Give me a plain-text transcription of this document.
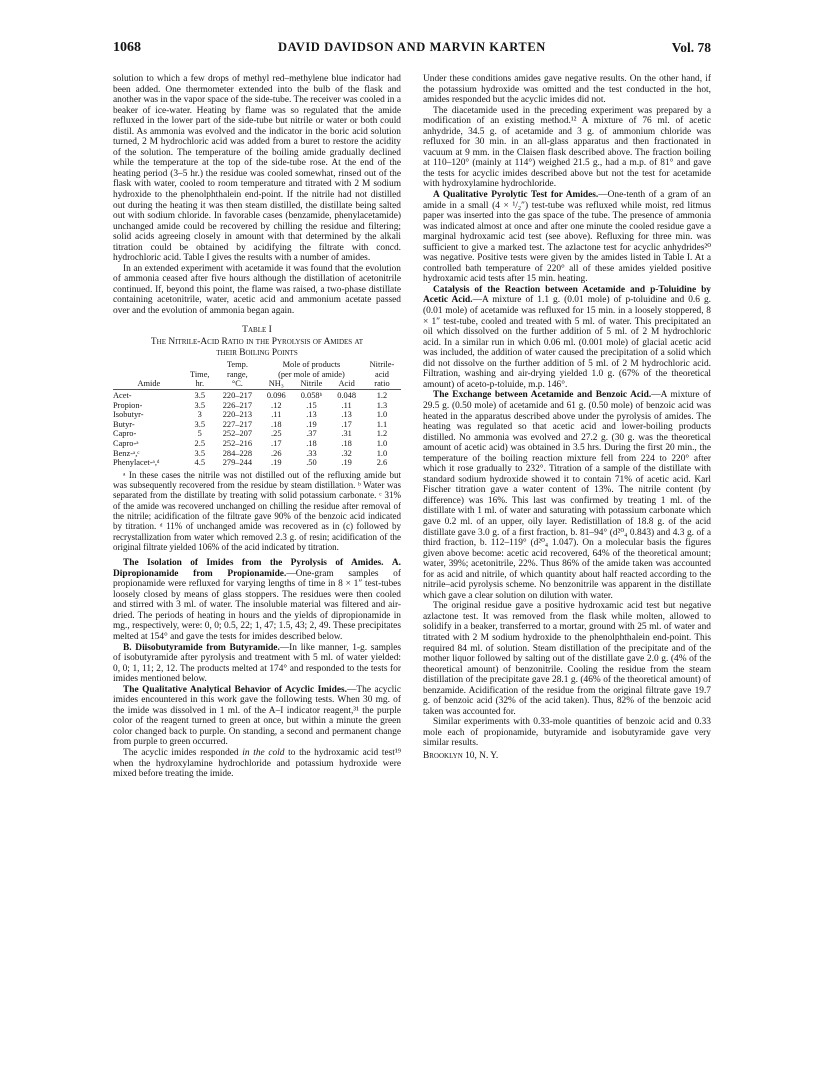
1068	DAVID DAVIDSON AND MARVIN KARTEN	Vol. 78

solution to which a few drops of methyl red–methylene blue indicator had been added. One thermometer extended into the bulb of the flask and another was in the vapor space of the side-tube. The receiver was cooled in a beaker of ice-water. Heating by flame was so regulated that the amide refluxed in the lower part of the side-tube but nitrile or water or both could distil. As ammonia was evolved and the indicator in the boric acid solution turned, 2 M hydrochloric acid was added from a buret to restore the acidity of the solution. The temperature of the boiling amide gradually declined while the temperature at the top of the side-tube rose. At the end of the heating period (3–5 hr.) the residue was cooled somewhat, rinsed out of the flask with water, cooled to room temperature and titrated with 2 M sodium hydroxide to the phenolphthalein end-point. If the nitrile had not distilled out during the heating it was then steam distilled, the distillate being salted out with sodium chloride. In favorable cases (benzamide, phenylacetamide) unchanged amide could be recovered by chilling the residue and filtering; solid acids agreeing closely in amount with that determined by the alkali titration could be obtained by acidifying the filtrate with concd. hydrochloric acid. Table I gives the results with a number of amides.

In an extended experiment with acetamide it was found that the evolution of ammonia ceased after five hours although the distillation of acetonitrile continued. If, beyond this point, the flame was raised, a two-phase distillate containing acetonitrile, water, acetic acid and ammonium acetate passed over and the evolution of ammonia began again.

Table I
The Nitrile-Acid Ratio in the Pyrolysis of Amides at
their Boiling Points
		Temp.	Mole of products			Nitrile-
	Time,	range,	(per mole of amide)			acid
Amide	hr.	°C.	NH₃	Nitrile	Acid	ratio
Acet-	3.5	220–217	0.096	0.058ᵇ	0.048	1.2
Propion-	3.5	226–217	.12	.15	.11	1.3
Isobutyr-	3	220–213	.11	.13	.13	1.0
Butyr-	3.5	227–217	.18	.19	.17	1.1
Capro-	5	252–207	.25	.37	.31	1.2
Capro-ᵃ	2.5	252–216	.17	.18	.18	1.0
Benz-ᵃ,ᶜ	3.5	284–228	.26	.33	.32	1.0
Phenylacet-ᵃ,ᵈ	4.5	279–244	.19	.50	.19	2.6

ᵃ In these cases the nitrile was not distilled out of the refluxing amide but was subsequently recovered from the residue by steam distillation. ᵇ Water was separated from the distillate by treating with solid potassium carbonate. ᶜ 31% of the amide was recovered unchanged on chilling the residue after removal of the nitrile; acidification of the filtrate gave 90% of the benzoic acid indicated by titration. ᵈ 11% of unchanged amide was recovered as in (c) followed by recrystallization from water which removed 2.3 g. of resin; acidification of the original filtrate yielded 106% of the acid indicated by titration.

The Isolation of Imides from the Pyrolysis of Amides. A. Dipropionamide from Propionamide.—One-gram samples of propionamide were refluxed for varying lengths of time in 8 × 1″ test-tubes loosely closed by means of glass stoppers. The residues were then cooled and stirred with 3 ml. of water. The insoluble material was filtered and air-dried. The periods of heating in hours and the yields of dipropionamide in mg., respectively, were: 0, 0; 0.5, 22; 1, 47; 1.5, 43; 2, 49. These precipitates melted at 154° and gave the tests for imides described below.

B. Diisobutyramide from Butyramide.—In like manner, 1-g. samples of isobutyramide after pyrolysis and treatment with 5 ml. of water yielded: 0, 0; 1, 11; 2, 12. The products melted at 174° and responded to the tests for imides mentioned below.

The Qualitative Analytical Behavior of Acyclic Imides.—The acyclic imides encountered in this work gave the following tests. When 30 mg. of the imide was dissolved in 1 ml. of the A–I indicator reagent,³¹ the purple color of the reagent turned to green at once, but within a minute the green color changed back to purple. On standing, a second and permanent change from purple to green occurred.

The acyclic imides responded in the cold to the hydroxamic acid test¹⁹ when the hydroxylamine hydrochloride and potassium hydroxide were mixed before treating the imide.

Under these conditions amides gave negative results. On the other hand, if the potassium hydroxide was omitted and the test conducted in the hot, amides responded but the acyclic imides did not.

The diacetamide used in the preceding experiment was prepared by a modification of an existing method.¹² A mixture of 76 ml. of acetic anhydride, 34.5 g. of acetamide and 3 g. of ammonium chloride was refluxed for 30 min. in an all-glass apparatus and then fractionated in vacuum at 9 mm. in the Claisen flask described above. The fraction boiling at 110–120° (mainly at 114°) weighed 21.5 g., had a m.p. of 81° and gave the tests for acyclic imides described above but not the test for acetamide with hydroxylamine hydrochloride.

A Qualitative Pyrolytic Test for Amides.—One-tenth of a gram of an amide in a small (4 × ¹/₂″) test-tube was refluxed while moist, red litmus paper was inserted into the gas space of the tube. The presence of ammonia was indicated almost at once and after one minute the cooled residue gave a marginal hydroxamic acid test (see above). Refluxing for three min. was sufficient to give a marked test. The azlactone test for acyclic anhydrides²⁰ was negative. Positive tests were given by the amides listed in Table I. At a controlled bath temperature of 220° all of these amides yielded positive hydroxamic acid tests after 15 min. heating.

Catalysis of the Reaction between Acetamide and p-Toluidine by Acetic Acid.—A mixture of 1.1 g. (0.01 mole) of p-toluidine and 0.6 g. (0.01 mole) of acetamide was refluxed for 15 min. in a loosely stoppered, 8 × 1″ test-tube, cooled and treated with 5 ml. of water. This precipitated an oil which dissolved on the further addition of 5 ml. of 2 M hydrochloric acid. In a similar run in which 0.06 ml. (0.001 mole) of glacial acetic acid was included, the addition of water caused the precipitation of a solid which did not dissolve on the further addition of 5 ml. of 2 M hydrochloric acid. Filtration, washing and air-drying yielded 1.0 g. (67% of the theoretical amount) of aceto-p-toluide, m.p. 146°.

The Exchange between Acetamide and Benzoic Acid.—A mixture of 29.5 g. (0.50 mole) of acetamide and 61 g. (0.50 mole) of benzoic acid was heated in the apparatus described above under the pyrolysis of amides. The heating was regulated so that acetic acid and lower-boiling products distilled. No ammonia was evolved and 27.2 g. (30 g. was the theoretical amount of acetic acid) was obtained in 3.5 hrs. During the first 20 min., the temperature of the boiling reaction mixture fell from 224 to 220° after which it rose gradually to 232°. Titration of a sample of the distillate with standard sodium hydroxide showed it to contain 71% of acetic acid. Karl Fischer titration gave a water content of 13%. The nitrile content (by difference) was 16%. This last was confirmed by treating 1 ml. of the distillate with 1 ml. of water and saturating with potassium carbonate which gave 0.2 ml. of an upper, oily layer. Redistillation of 18.8 g. of the acid distillate gave 3.0 g. of a first fraction, b. 81–94° (d²⁰₄ 0.843) and 4.3 g. of a third fraction, b. 112–119° (d²⁰₄ 1.047). On a molecular basis the figures given above become: acetic acid recovered, 64% of the theoretical amount; water, 39%; acetonitrile, 22%. Thus 86% of the amide taken was accounted for as acid and nitrile, of which quantity about half reacted according to the nitrile–acid pyrolysis scheme. No benzonitrile was apparent in the distillate which gave a clear solution on dilution with water.

The original residue gave a positive hydroxamic acid test but negative azlactone test. It was removed from the flask while molten, allowed to solidify in a beaker, transferred to a mortar, ground with 25 ml. of water and titrated with 2 M sodium hydroxide to the phenolphthalein end-point. This required 84 ml. of solution. Steam distillation of the precipitate and of the mother liquor followed by salting out of the distillate gave 2.0 g. (4% of the theoretical amount) of benzonitrile. Cooling the residue from the steam distillation of the precipitate gave 28.1 g. (46% of the theoretical amount) of benzamide. Acidification of the residue from the original filtrate gave 19.7 g. of benzoic acid (32% of the acid taken). Thus, 82% of the benzoic acid taken was accounted for.

Similar experiments with 0.33-mole quantities of benzoic acid and 0.33 mole each of propionamide, butyramide and isobutyramide gave very similar results.

Brooklyn 10, N. Y.
